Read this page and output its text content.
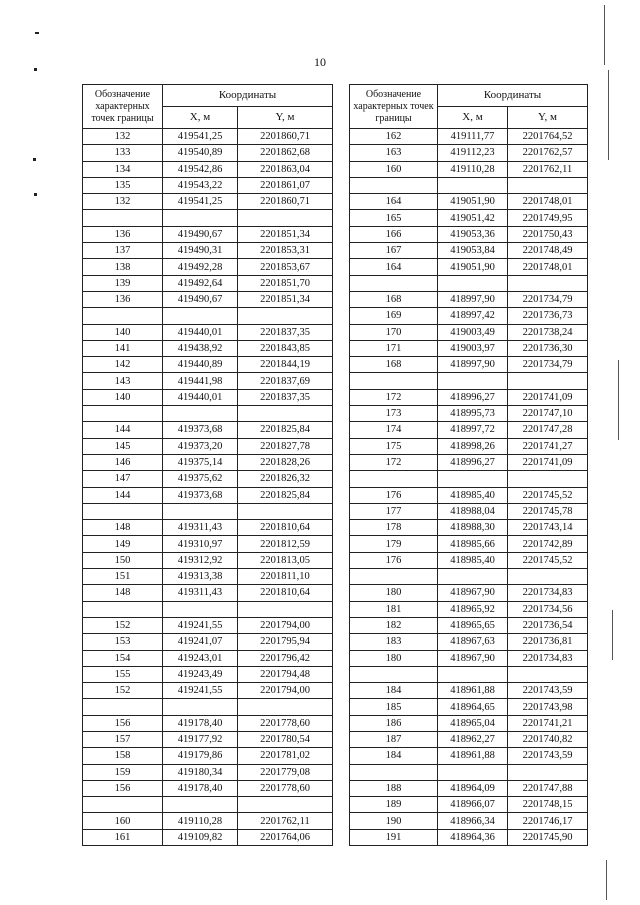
10
Обозначение характерных точек границы	Координаты	
	X, м	Y, м
132	419541,25	2201860,71
133	419540,89	2201862,68
134	419542,86	2201863,04
135	419543,22	2201861,07
132	419541,25	2201860,71

136	419490,67	2201851,34
137	419490,31	2201853,31
138	419492,28	2201853,67
139	419492,64	2201851,70
136	419490,67	2201851,34

140	419440,01	2201837,35
141	419438,92	2201843,85
142	419440,89	2201844,19
143	419441,98	2201837,69
140	419440,01	2201837,35

144	419373,68	2201825,84
145	419373,20	2201827,78
146	419375,14	2201828,26
147	419375,62	2201826,32
144	419373,68	2201825,84

148	419311,43	2201810,64
149	419310,97	2201812,59
150	419312,92	2201813,05
151	419313,38	2201811,10
148	419311,43	2201810,64

152	419241,55	2201794,00
153	419241,07	2201795,94
154	419243,01	2201796,42
155	419243,49	2201794,48
152	419241,55	2201794,00

156	419178,40	2201778,60
157	419177,92	2201780,54
158	419179,86	2201781,02
159	419180,34	2201779,08
156	419178,40	2201778,60

160	419110,28	2201762,11
161	419109,82	2201764,06
Обозначение характерных точек границы	Координаты	
	X, м	Y, м
162	419111,77	2201764,52
163	419112,23	2201762,57
160	419110,28	2201762,11

164	419051,90	2201748,01
165	419051,42	2201749,95
166	419053,36	2201750,43
167	419053,84	2201748,49
164	419051,90	2201748,01

168	418997,90	2201734,79
169	418997,42	2201736,73
170	419003,49	2201738,24
171	419003,97	2201736,30
168	418997,90	2201734,79

172	418996,27	2201741,09
173	418995,73	2201747,10
174	418997,72	2201747,28
175	418998,26	2201741,27
172	418996,27	2201741,09

176	418985,40	2201745,52
177	418988,04	2201745,78
178	418988,30	2201743,14
179	418985,66	2201742,89
176	418985,40	2201745,52

180	418967,90	2201734,83
181	418965,92	2201734,56
182	418965,65	2201736,54
183	418967,63	2201736,81
180	418967,90	2201734,83

184	418961,88	2201743,59
185	418964,65	2201743,98
186	418965,04	2201741,21
187	418962,27	2201740,82
184	418961,88	2201743,59

188	418964,09	2201747,88
189	418966,07	2201748,15
190	418966,34	2201746,17
191	418964,36	2201745,90
